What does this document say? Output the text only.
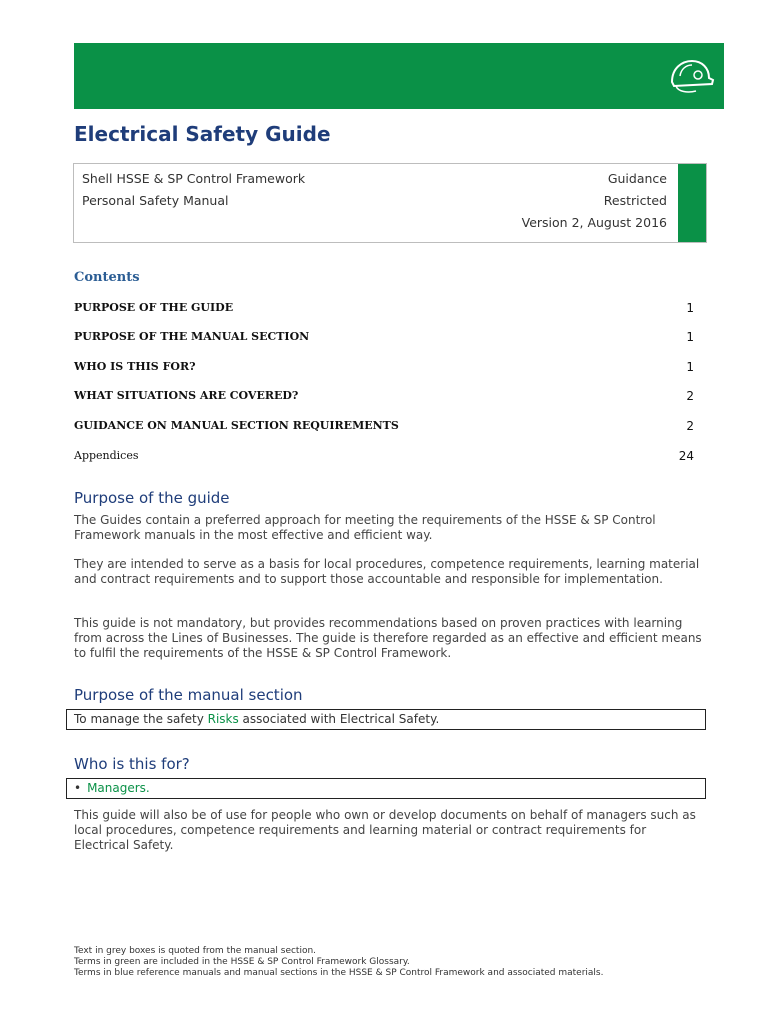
Electrical Safety Guide
Shell HSSE & SP Control Framework	Guidance
Personal Safety Manual	Restricted
Version 2, August 2016
Contents
PURPOSE OF THE GUIDE	1
PURPOSE OF THE MANUAL SECTION	1
WHO IS THIS FOR?	1
WHAT SITUATIONS ARE COVERED?	2
GUIDANCE ON MANUAL SECTION REQUIREMENTS	2
Appendices	24
Purpose of the guide

The Guides contain a preferred approach for meeting the requirements of the HSSE & SP Control Framework manuals in the most effective and efficient way.

They are intended to serve as a basis for local procedures, competence requirements, learning material and contract requirements and to support those accountable and responsible for implementation.

This guide is not mandatory, but provides recommendations based on proven practices with learning from across the Lines of Businesses. The guide is therefore regarded as an effective and efficient means to fulfil the requirements of the HSSE & SP Control Framework.

Purpose of the manual section
To manage the safety Risks associated with Electrical Safety.
Who is this for?
• Managers.

This guide will also be of use for people who own or develop documents on behalf of managers such as local procedures, competence requirements and learning material or contract requirements for Electrical Safety.

Text in grey boxes is quoted from the manual section.

Terms in green are included in the HSSE & SP Control Framework Glossary.

Terms in blue reference manuals and manual sections in the HSSE & SP Control Framework and associated materials.
